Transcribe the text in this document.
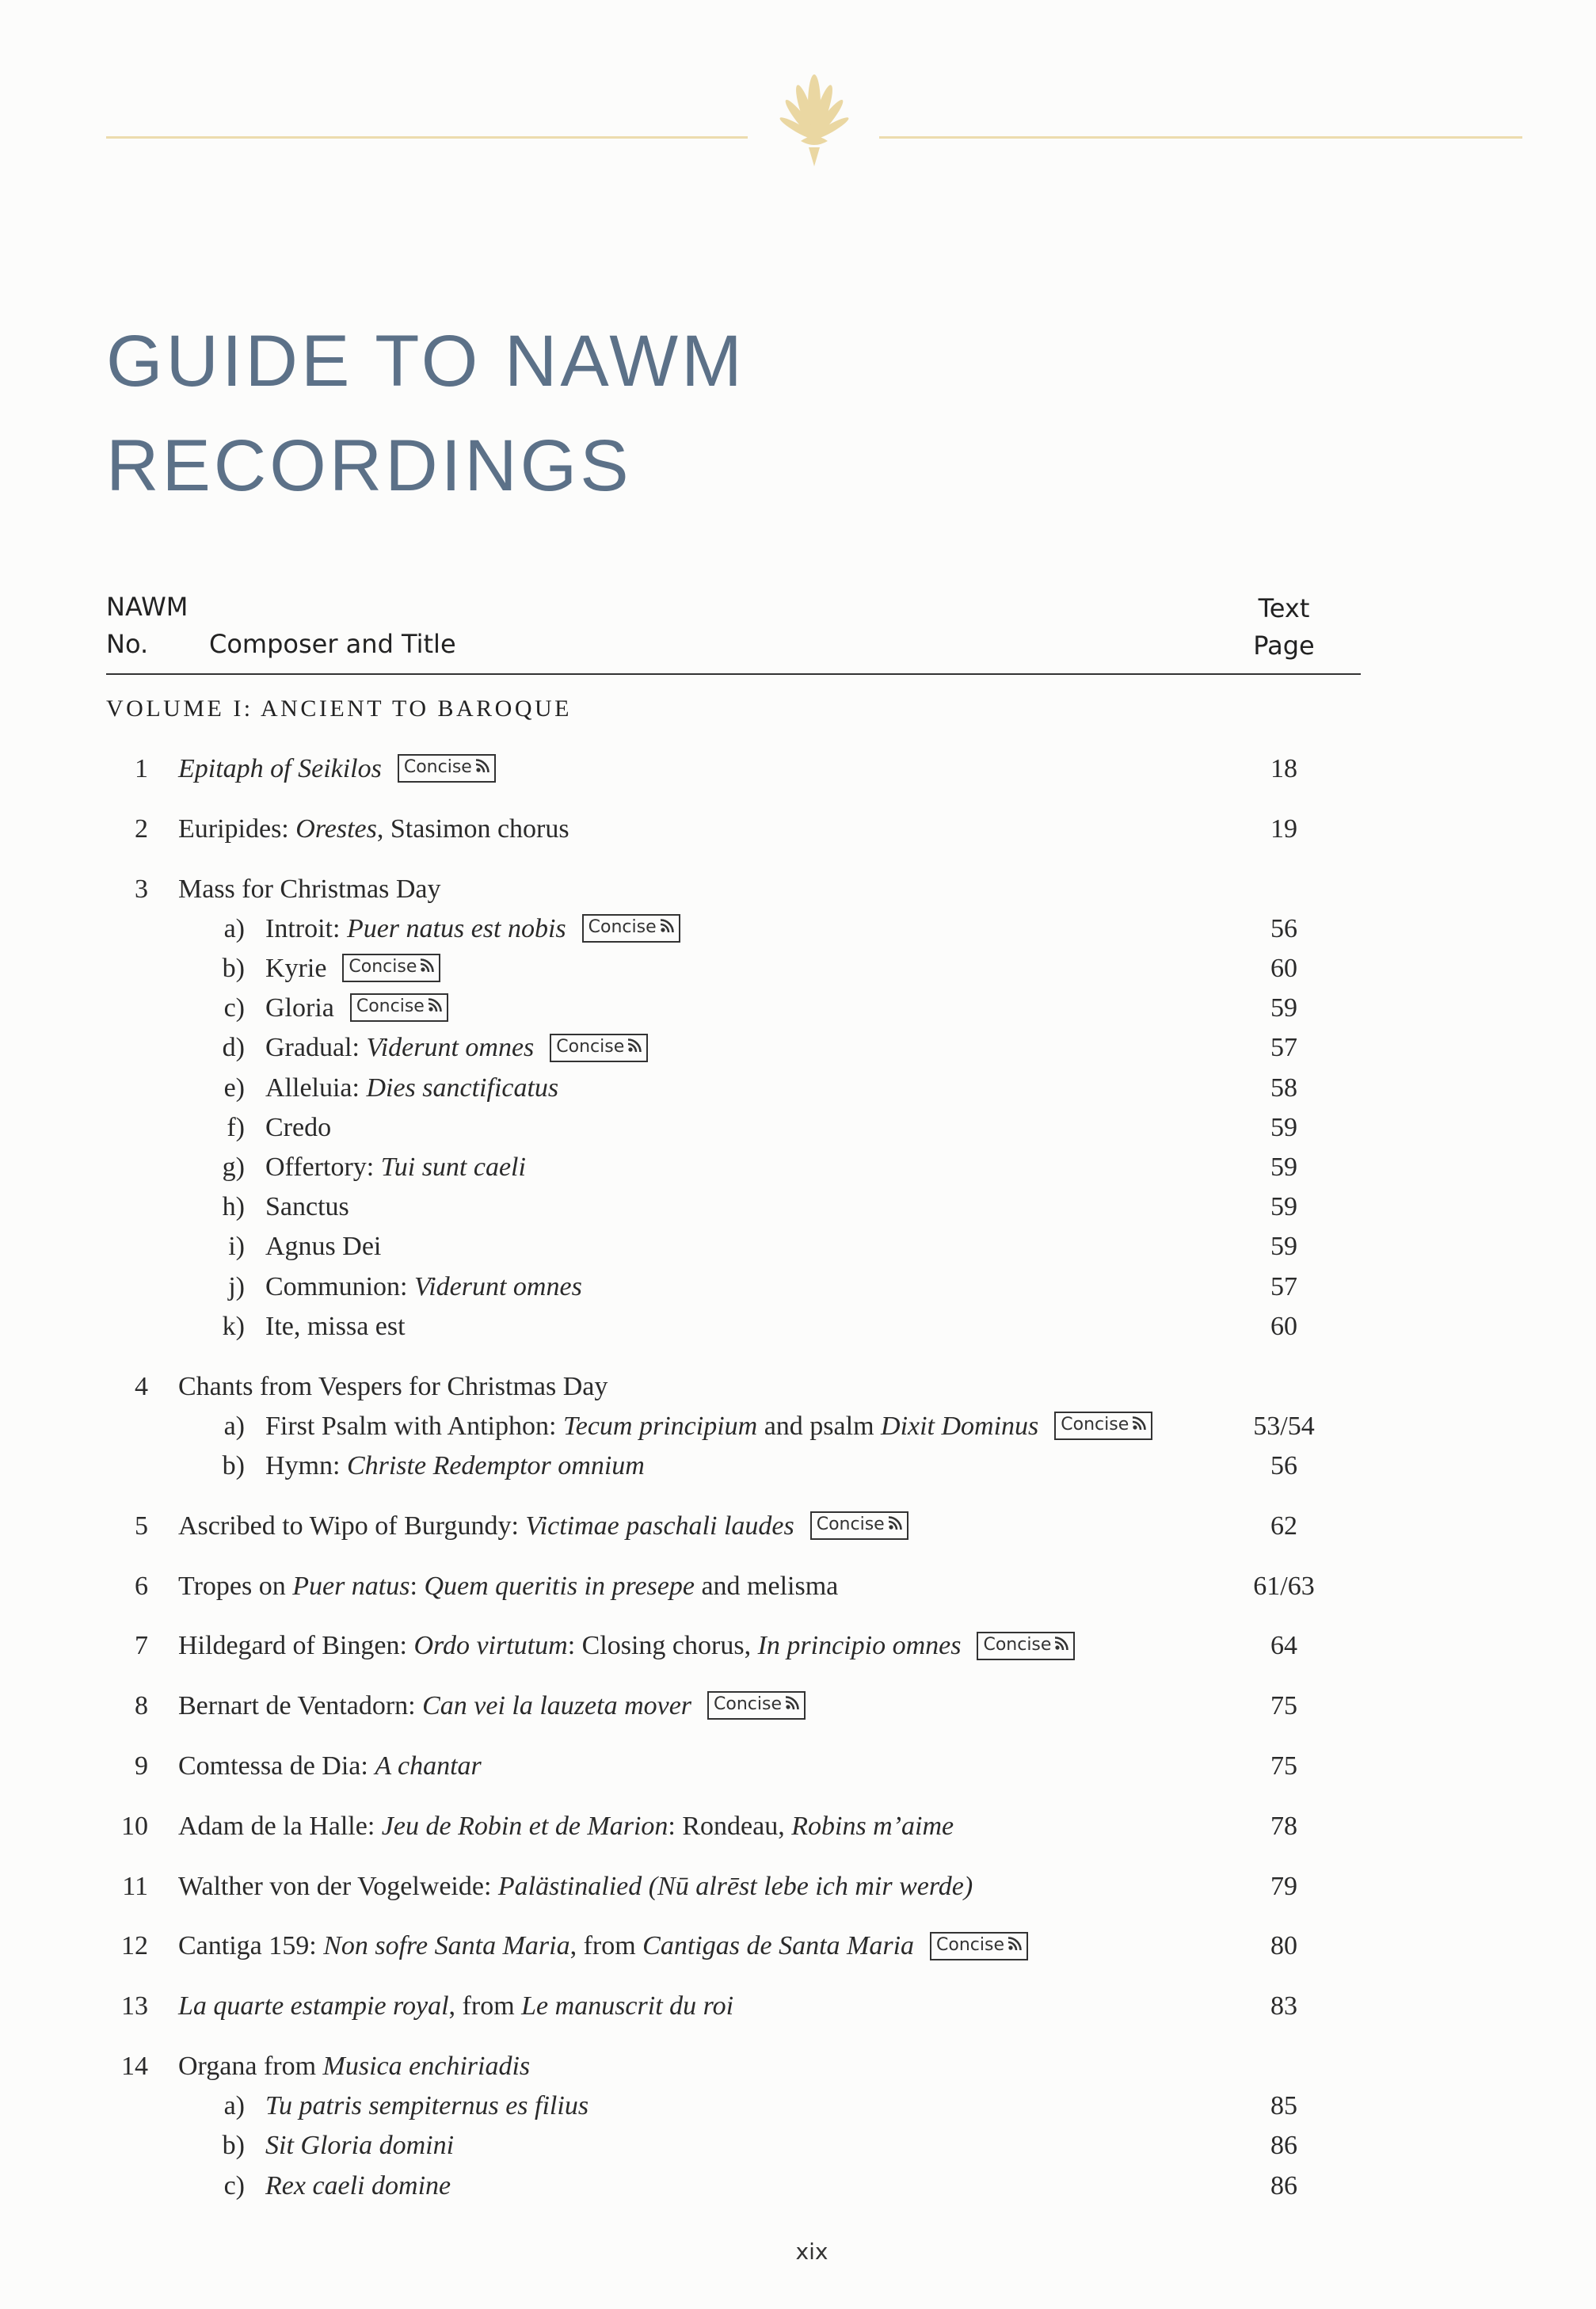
GUIDE TO NAWM
RECORDINGS
NAWM
No. Composer and Title
Text
Page
VOLUME I: ANCIENT TO BAROQUE
1 Epitaph of Seikilos Concise	18
2 Euripides: Orestes, Stasimon chorus	19
3 Mass for Christmas Day
a) Introit: Puer natus est nobis Concise	56
b) Kyrie Concise	60
c) Gloria Concise	59
d) Gradual: Viderunt omnes Concise	57
e) Alleluia: Dies sanctificatus	58
f) Credo	59
g) Offertory: Tui sunt caeli	59
h) Sanctus	59
i) Agnus Dei	59
j) Communion: Viderunt omnes	57
k) Ite, missa est	60
4 Chants from Vespers for Christmas Day
a) First Psalm with Antiphon: Tecum principium and psalm Dixit Dominus Concise	53/54
b) Hymn: Christe Redemptor omnium	56
5 Ascribed to Wipo of Burgundy: Victimae paschali laudes Concise	62
6 Tropes on Puer natus: Quem queritis in presepe and melisma	61/63
7 Hildegard of Bingen: Ordo virtutum: Closing chorus, In principio omnes Concise	64
8 Bernart de Ventadorn: Can vei la lauzeta mover Concise	75
9 Comtessa de Dia: A chantar	75
10 Adam de la Halle: Jeu de Robin et de Marion: Rondeau, Robins m’aime	78
11 Walther von der Vogelweide: Palästinalied (Nū alrēst lebe ich mir werde)	79
12 Cantiga 159: Non sofre Santa Maria, from Cantigas de Santa Maria Concise	80
13 La quarte estampie royal, from Le manuscrit du roi	83
14 Organa from Musica enchiriadis
a) Tu patris sempiternus es filius	85
b) Sit Gloria domini	86
c) Rex caeli domine	86
xix
